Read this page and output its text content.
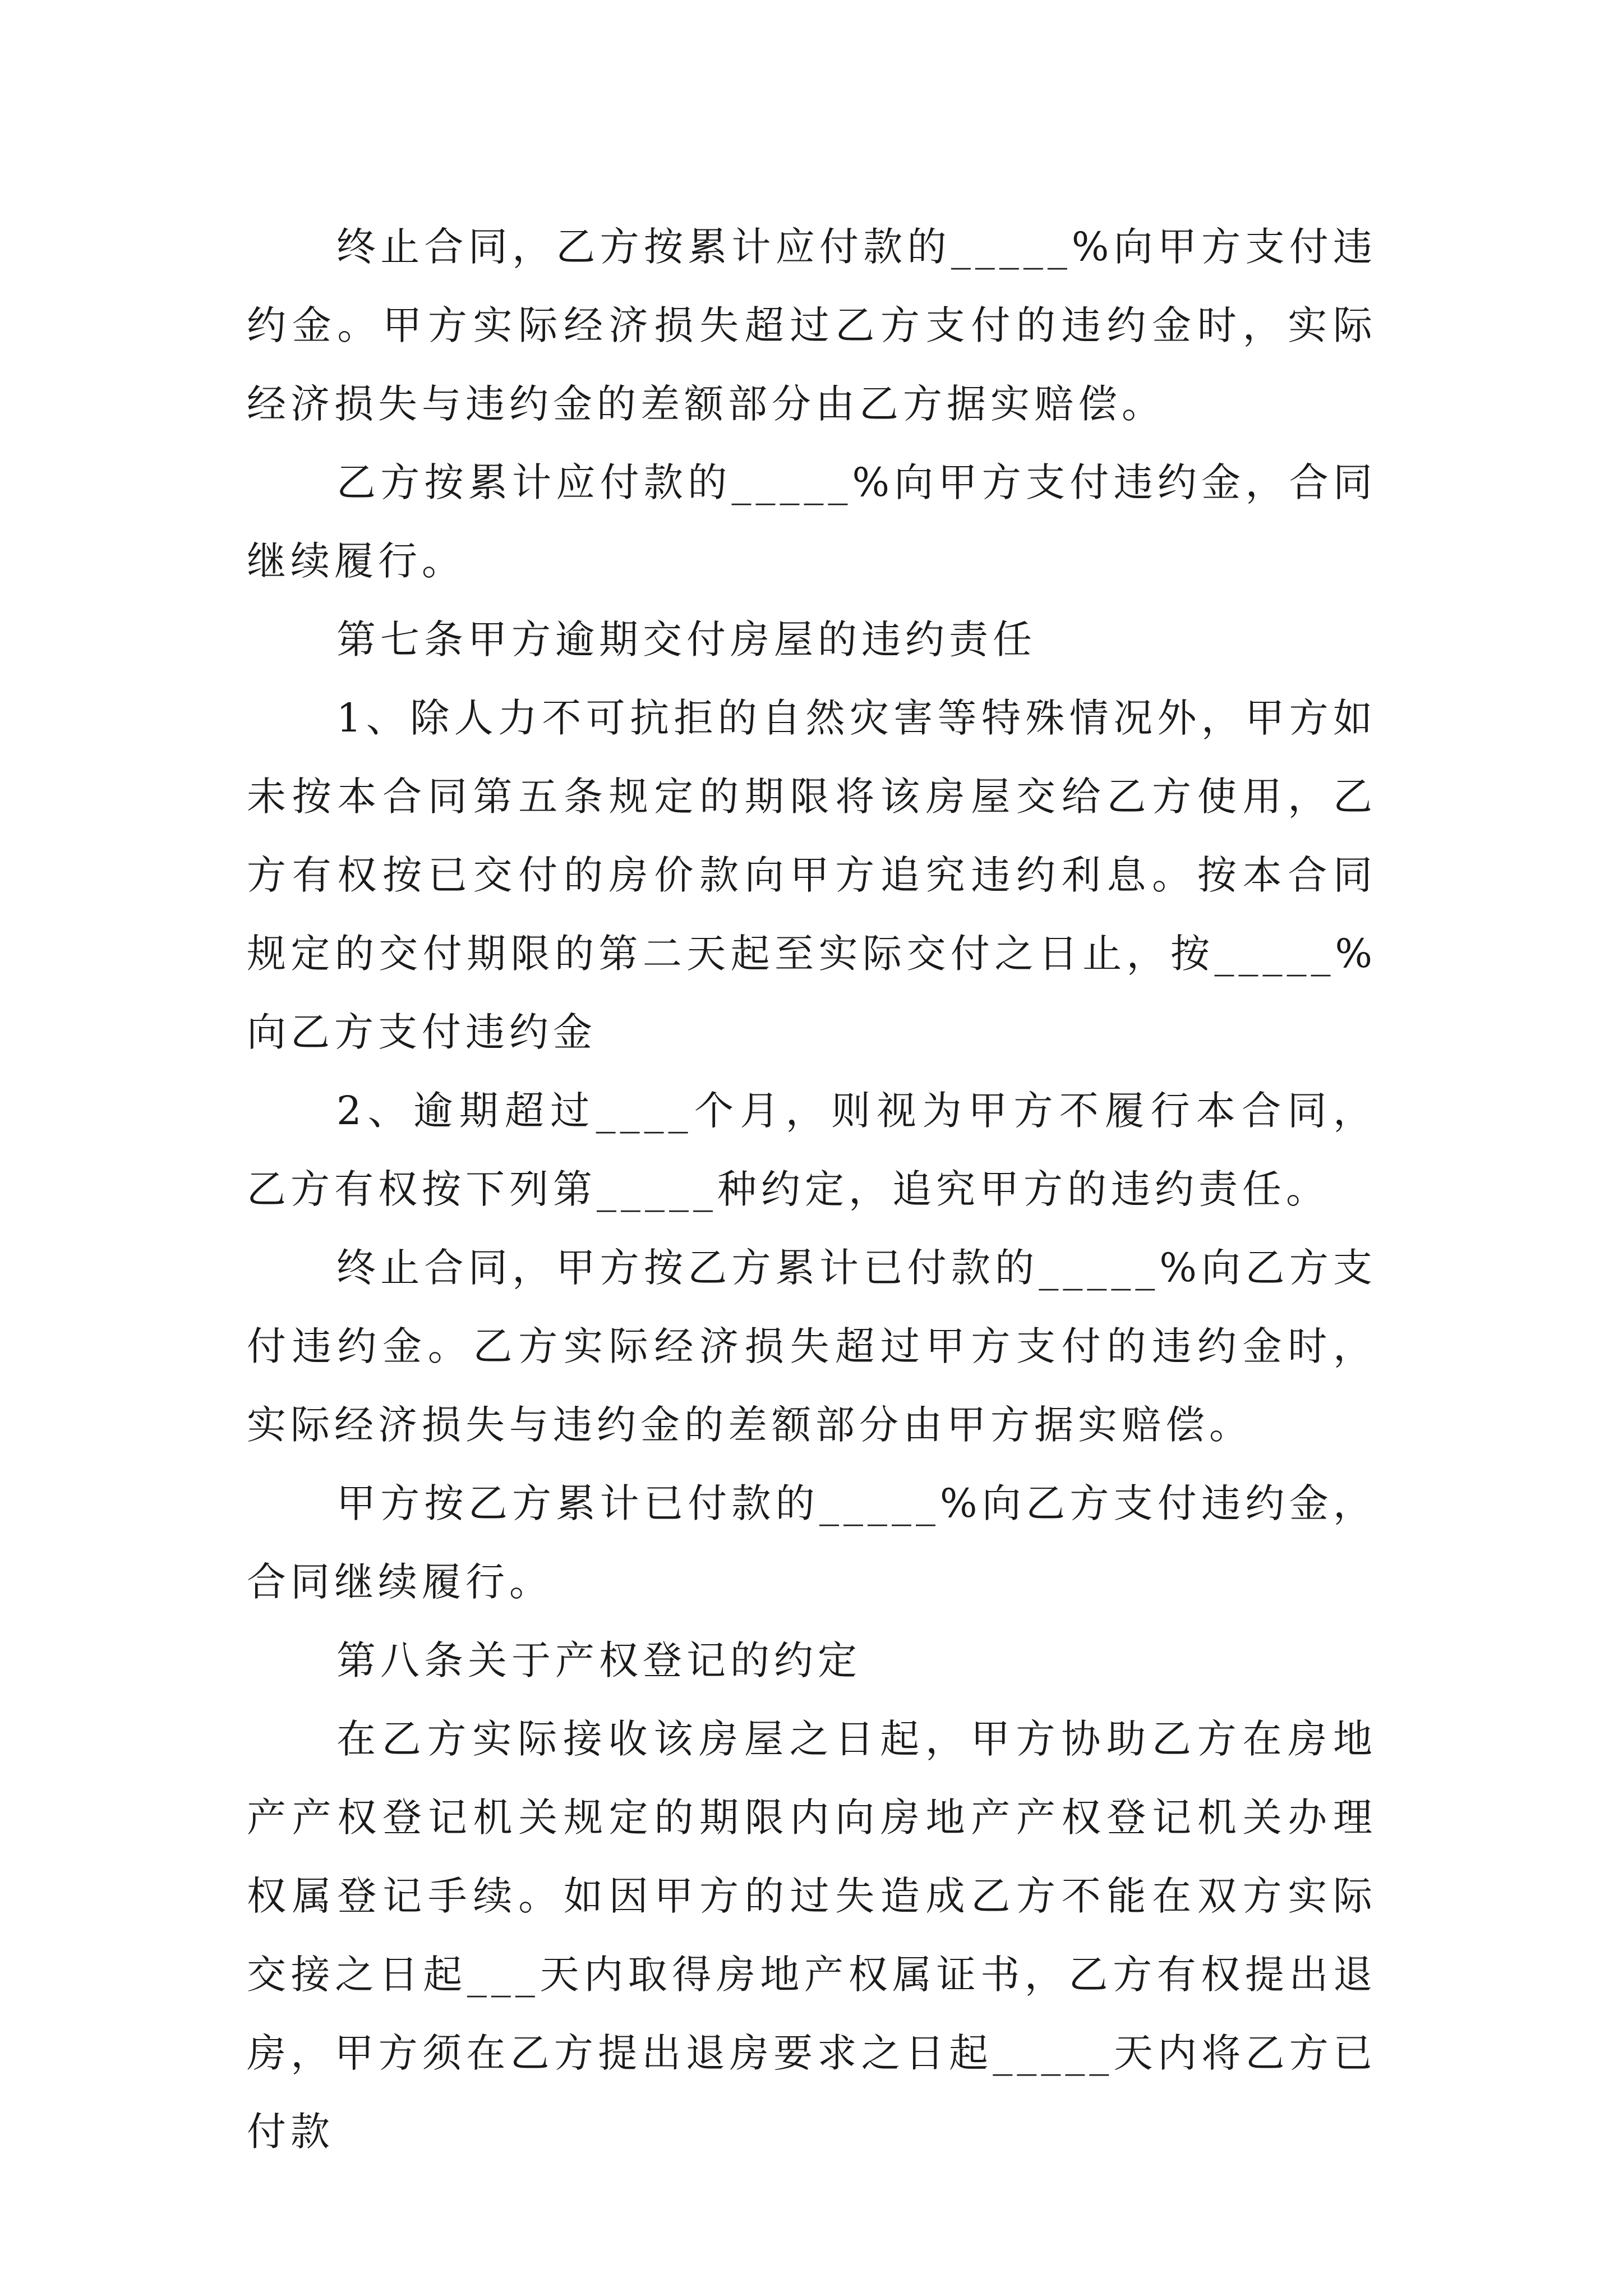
终止合同，乙方按累计应付款的_____%向甲方支付违约金。甲方实际经济损失超过乙方支付的违约金时，实际经济损失与违约金的差额部分由乙方据实赔偿。

乙方按累计应付款的_____%向甲方支付违约金，合同继续履行。

第七条甲方逾期交付房屋的违约责任

1、除人力不可抗拒的自然灾害等特殊情况外，甲方如未按本合同第五条规定的期限将该房屋交给乙方使用，乙方有权按已交付的房价款向甲方追究违约利息。按本合同规定的交付期限的第二天起至实际交付之日止，按_____%向乙方支付违约金

2、逾期超过____个月，则视为甲方不履行本合同，乙方有权按下列第_____种约定，追究甲方的违约责任。

终止合同，甲方按乙方累计已付款的_____%向乙方支付违约金。乙方实际经济损失超过甲方支付的违约金时，实际经济损失与违约金的差额部分由甲方据实赔偿。

甲方按乙方累计已付款的_____%向乙方支付违约金，合同继续履行。

第八条关于产权登记的约定

在乙方实际接收该房屋之日起，甲方协助乙方在房地产产权登记机关规定的期限内向房地产产权登记机关办理权属登记手续。如因甲方的过失造成乙方不能在双方实际交接之日起___天内取得房地产权属证书，乙方有权提出退房，甲方须在乙方提出退房要求之日起_____天内将乙方已付款
